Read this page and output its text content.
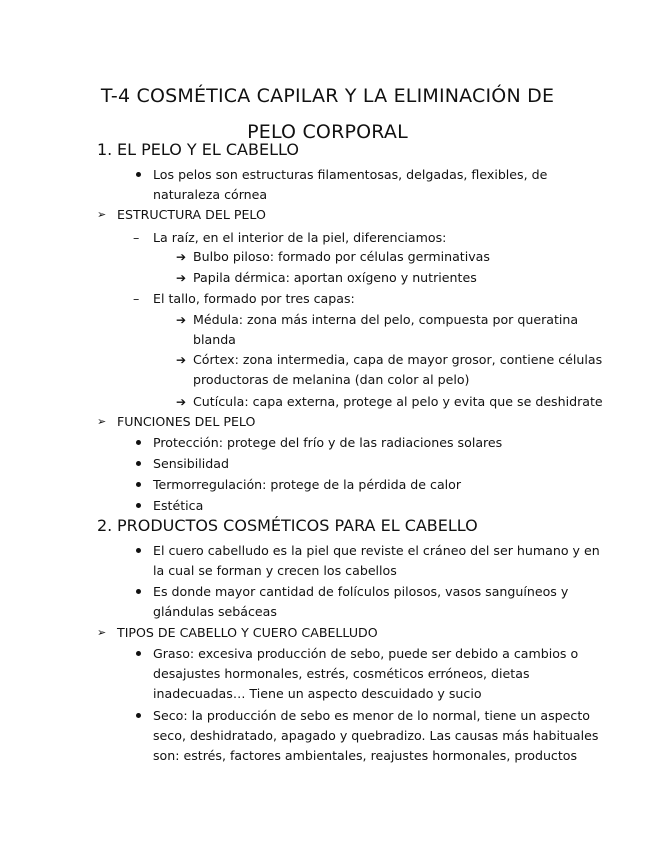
T-4 COSMÉTICA CAPILAR Y LA ELIMINACIÓN DE
PELO CORPORAL
1. EL PELO Y EL CABELLO
Los pelos son estructuras filamentosas, delgadas, flexibles, de
naturaleza córnea
➢ ESTRUCTURA DEL PELO
– La raíz, en el interior de la piel, diferenciamos:
➔ Bulbo piloso: formado por células germinativas
➔ Papila dérmica: aportan oxígeno y nutrientes
– El tallo, formado por tres capas:
➔ Médula: zona más interna del pelo, compuesta por queratina
blanda
➔ Córtex: zona intermedia, capa de mayor grosor, contiene células
productoras de melanina (dan color al pelo)
➔ Cutícula: capa externa, protege al pelo y evita que se deshidrate
➢ FUNCIONES DEL PELO
Protección: protege del frío y de las radiaciones solares
Sensibilidad
Termorregulación: protege de la pérdida de calor
Estética
2. PRODUCTOS COSMÉTICOS PARA EL CABELLO
El cuero cabelludo es la piel que reviste el cráneo del ser humano y en
la cual se forman y crecen los cabellos
Es donde mayor cantidad de folículos pilosos, vasos sanguíneos y
glándulas sebáceas
➢ TIPOS DE CABELLO Y CUERO CABELLUDO
Graso: excesiva producción de sebo, puede ser debido a cambios o
desajustes hormonales, estrés, cosméticos erróneos, dietas
inadecuadas… Tiene un aspecto descuidado y sucio
Seco: la producción de sebo es menor de lo normal, tiene un aspecto
seco, deshidratado, apagado y quebradizo. Las causas más habituales
son: estrés, factores ambientales, reajustes hormonales, productos
